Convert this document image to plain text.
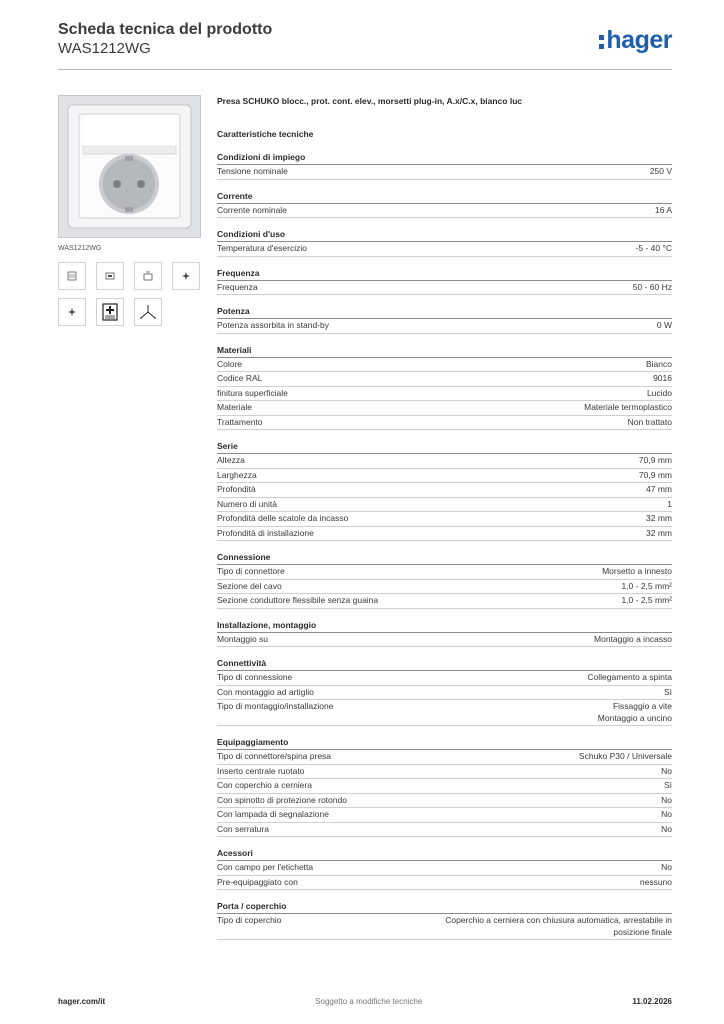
Scheda tecnica del prodotto
WAS1212WG	hager
WAS1212WG
Presa SCHUKO blocc., prot. cont. elev., morsetti plug-in, A.x/C.x, bianco luc
Caratteristiche tecniche
Condizioni di impiego
Tensione nominale	250 V
Corrente
Corrente nominale	16 A
Condizioni d'uso
Temperatura d'esercizio	-5 - 40 °C
Frequenza
Frequenza	50 - 60 Hz
Potenza
Potenza assorbita in stand-by	0 W
Materiali
Colore	Bianco
Codice RAL	9016
finitura superficiale	Lucido
Materiale	Materiale termoplastico
Trattamento	Non trattato
Serie
Altezza	70,9 mm
Larghezza	70,9 mm
Profondità	47 mm
Numero di unità	1
Profondità delle scatole da incasso	32 mm
Profondità di installazione	32 mm
Connessione
Tipo di connettore	Morsetto a innesto
Sezione del cavo	1,0 - 2,5 mm²
Sezione conduttore flessibile senza guaina	1,0 - 2,5 mm²
Installazione, montaggio
Montaggio su	Montaggio a incasso
Connettività
Tipo di connessione	Collegamento a spinta
Con montaggio ad artiglio	Sì
Tipo di montaggio/installazione	Fissaggio a vite
Montaggio a uncino
Equipaggiamento
Tipo di connettore/spina presa	Schuko P30 / Universale
Inserto centrale ruotato	No
Con coperchio a cerniera	Sì
Con spinotto di protezione rotondo	No
Con lampada di segnalazione	No
Con serratura	No
Acessori
Con campo per l'etichetta	No
Pre-equipaggiato con	nessuno
Porta / coperchio
Tipo di coperchio	Coperchio a cerniera con chiusura automatica, arrestabile in
posizione finale
hager.com/it	Soggetto a modifiche tecniche	11.02.2026
